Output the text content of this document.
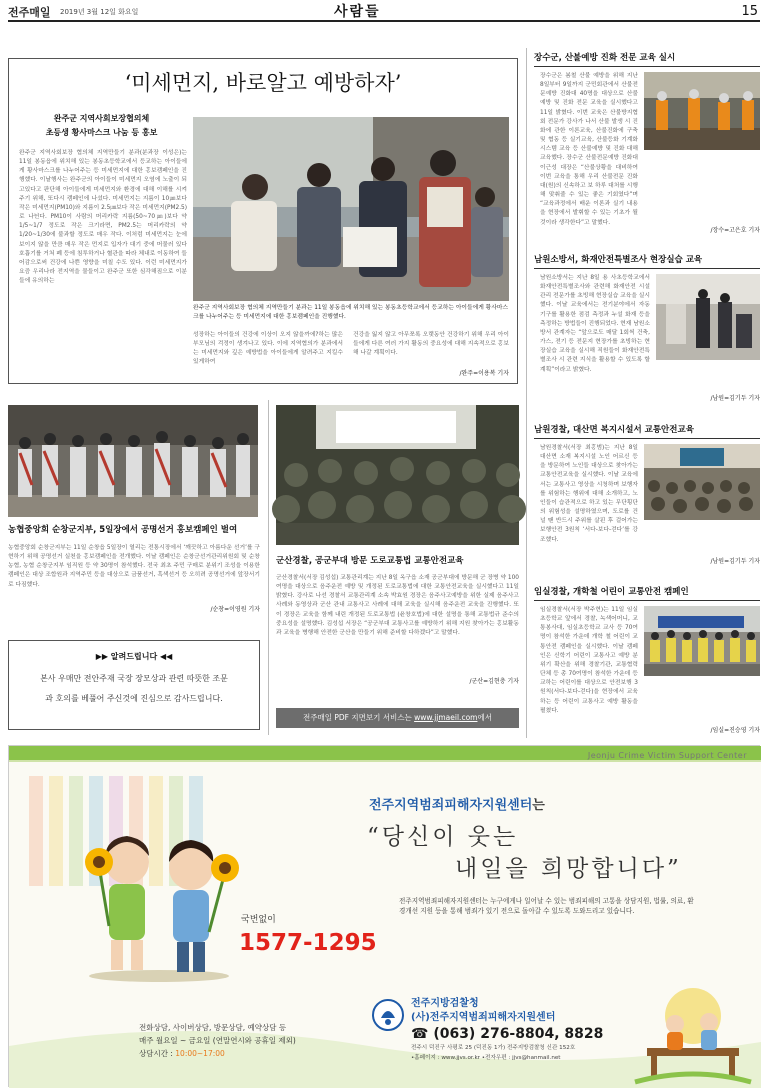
전주매일 2019년 3월 12일 화요일	사람들	15
‘미세먼지, 바로알고 예방하자’
완주군 지역사회보장협의체
초등생 황사마스크 나눔 등 홍보
완주군 지역사회보장 협의체 지역만들기 분과(분과장 이성은)는 11일 봉동읍에 위치해 있는 봉동초등학교에서 등교하는 아이들에게 황사마스크를 나누어주는 등 미세먼지에 대한 홍보캠페인을 진행했다. 이날행사는 완주군의 아이들이 미세먼지 오염에 노출이 되고있다고 판단해 아이들에게 미세먼지와 환경에 대해 이해를 시켜주기 위해, 또다시 캠페인에 나섰다. 미세먼지는 지름이 10㎛보다 작은 미세먼지(PM10)와 지름이 2.5㎛보다 작은 미세먼지(PM2.5)로 나뉜다. PM10이 사람의 머리카락 지름(50~70㎛)보다 약 1/5~1/7 정도로 작은 크기라면, PM2.5는 머리카락의 약 1/20~1/30에 불과할 정도로 매우 작다. 이처럼 미세먼지는 눈에 보이지 않을 만큼 매우 작은 먼지로 입자가 대기 중에 머물러 있다 호흡기를 거쳐 폐 등에 침투하거나 혈관을 따라 체내로 이동하여 들어감으로써 건강에 나쁜 영향을 미칠 수도 있다. 이런 미세먼지가 요즘 우리나라 전지역을 물들이고 완주군 또한 심각해짐으로 이분들에 유의하는
완주군 지역사회보장 협의체 지역만들기 분과는 11일 봉동읍에 위치해 있는 봉동초등학교에서 등교하는 아이들에게 황사마스크를 나누어주는 등 미세먼지에 대한 홍보캠페인을 진행했다.
성장하는 아이들의 건강에 이상이 오지 않을까에?하는 많은 부모님의 걱정이 생겨나고 있다. 이에 지역협의가 분과에서는 미세먼지와 깊은 예방법을 아이들에게 알려주고 지킬수 있게하여
건강을 잃지 않고 아무쪼록 오랫동안 건강하기 위해 우리 아이들에게 다른 여러 가지 활동의 중요성에 대해 지속적으로 홍보해 나갈 계획이다.
/완주=이용복 기자
농협중앙회 순창군지부, 5일장에서 공명선거 홍보캠페인 벌여
농협중앙회 순창군지부는 11일 순창읍 5일장이 열리는 전통시장에서 ‘깨끗하고 아름다운 선거’를 구현하기 위해 공명선거 실천을 홍보캠페인을 전개했다. 이날 캠페인은 순창군선거관리위원회 및 순창농협, 농협 순창군지부 임직원 등 약 30명이 참석했다. 전국 최초 주민 구매로 분위기 조성을 이용한 캠페인은 대상 조합원과 지역주민 등을 대상으로 금품선거, 흑색선거 등 오히려 공명선거에 앞장서기로 다짐했다.
/순창=이영원 기자
▶▶ 알려드립니다 ◀◀
본사 우매만 전안주재 국장 장모상과 관련 따뜻한 조문
과 호의를 베풀어 주신것에 진심으로 감사드립니다.
군산경찰, 공군부대 방문 도로교통법 교통안전교육
군산경찰서(서장 김성섭) 교통관리계는 지난 8일 옥구읍 소재 공군부대에 방문해 군 장병 약 100여명을 대상으로 음주운전 예방 및 개정된 도로교통법에 대한 교통안전교육을 실시했다고 11일 밝혔다. 강사로 나선 경찰서 교통관리계 소속 박효원 경장은 음주사고예방을 위한 실제 음주사고 사례와 동영상과 군산 관내 교통사고 사례에 대해 교육을 실시해 음주운전 교육을 진행했다. 또 이 경장은 교육을 함께 내린 개정된 도로교통법 (윤창호법)에 대한 설명을 통해 교통법규 준수의 중요성을 설명했다. 김성섭 서장은 “공군부대 교통사고를 예방하기 위해 지원 찾아가는 홍보활동과 교육을 병행해 안전한 군산을 만들기 위해 준비할 다하겠다”고 말했다.
/군산=김현충 기자
전주매일 PDF 지면보기 서비스는 www.jjmaeil.com에서
장수군, 산불예방 진화 전문 교육 실시
장수군은 봄철 산불 예방을 위해 지난 8일부터 9일까지 군민회관에서 산불전문예방 진화대 40명을 대상으로 산불예방 및 진화 전문 교육을 실시했다고 11일 밝혔다. 이번 교육은 산불방지협회 전문가 강사가 나서 산불 발생 시 진화에 관한 이론교육, 산불진화에 구축 및 협동 등 실기교육, 산불등화 기계화 시스템 교육 등 산불예방 및 진화 대해 교육했다. 장수군 산불전문예방 진화대 이근성 대장은 “산불상황을 대비하여 이번 교육을 통해 우리 산불전문 진화대(원)의 신속하고 보 하루 대처를 시행해 맞춰줄 수 있는 좋은 기회였다”며 “교육과정에서 배운 이론과 실기 내용을 현장에서 발휘할 수 있는 기초가 될 것이라 생각한다”고 말했다.
/장수=고은호 기자
남원소방서, 화재안전특별조사 현장실습 교육
남원소방서는 지난 8일 용 사초등학교에서 화재안전특별조사와 관련해 화재안전 시설관리 전문가를 초빙해 현장실습 교육을 실시했다. 이날 교육에서는 전기분야에서 자동 기구를 활용한 점검 측정과 누설 화재 등을 측정하는 방법들이 진행되었다. 현재 남원소방서 관계자는 “앞으로도 매달 1회씩 건축, 가스, 전기 등 전문지 현장가를 초빙하는 현장실습 교육을 실시해 직원들이 화재안전특별조사 시 관련 지식을 활용할 수 있도록 할 계획”이라고 밝혔다.
/남원=김기두 기자
남원경찰, 대산면 복지시설서 교통안전교육
남원경찰서(서장 최홍범)는 지난 8일 대산면 소재 복지시설 노인 어르신 등을 방문하여 노인들 대상으로 찾아가는 교통안전교육을 실시했다. 이날 교육에서는 교통사고 영상을 시청하며 보행자를 위험하는 행위에 대해 소개하고, 노인들이 습관적으로 하고 있는 무단횡단의 위험성을 설명하였으며, 도로를 건널 땐 반드시 주위를 살핀 후 걸어가는 보행안전 3원칙 ‘서다-보다-걷다’를 강조했다.
/남원=김기두 기자
임실경찰, 개학철 어린이 교통안전 캠페인
임실경찰서(서장 박주현)는 11일 임실초등학교 앞에서 경찰, 녹색어머니, 교통봉사대, 임실초등학교 교사 등 70여명이 참석한 가운데 개학 철 어린이 교통안전 캠페인을 실시했다. 이날 캠페인은 신학기 어린이 교통사고 예방 분위기 확산을 위해 경찰기관, 교통협력단체 등 총 70여명이 참석한 가운데 등교하는 어린이를 대상으로 안전보행 3원칙(서다-보다-걷다)을 현장에서 교육하는 등 어린이 교통사고 예방 활동을 펼쳤다.
/임실=진승영 기자
Jeonju Crime Victim Support Center
전주지역범죄피해자지원센터는
“당신이 웃는
내일을 희망합니다”
전주지역범죄피해자지원센터는 누구에게나 일어날 수 있는 범죄피해의 고통을 상담지원, 법률, 의료, 환경개선 지원 등을 통해 범죄가 있기 전으로 돌아갈 수 있도록 도와드리고 있습니다.
국번없이
1577-1295
전화상담, 사이버상담, 방문상담, 예약상담 등
매주 월요일 ~ 금요일 (연말연시와 공휴일 제외)
상담시간 : 10:00~17:00
전주지방검찰청
(사)전주지역범죄피해자지원센터
☎ (063) 276-8804, 8828
전주시 덕진구 사평로 25 (덕진동 1가) 전주지방검찰청 신관 152호
•홈페이지 : www.jjvs.or.kr •전자우편 : jjvs@hanmail.net
